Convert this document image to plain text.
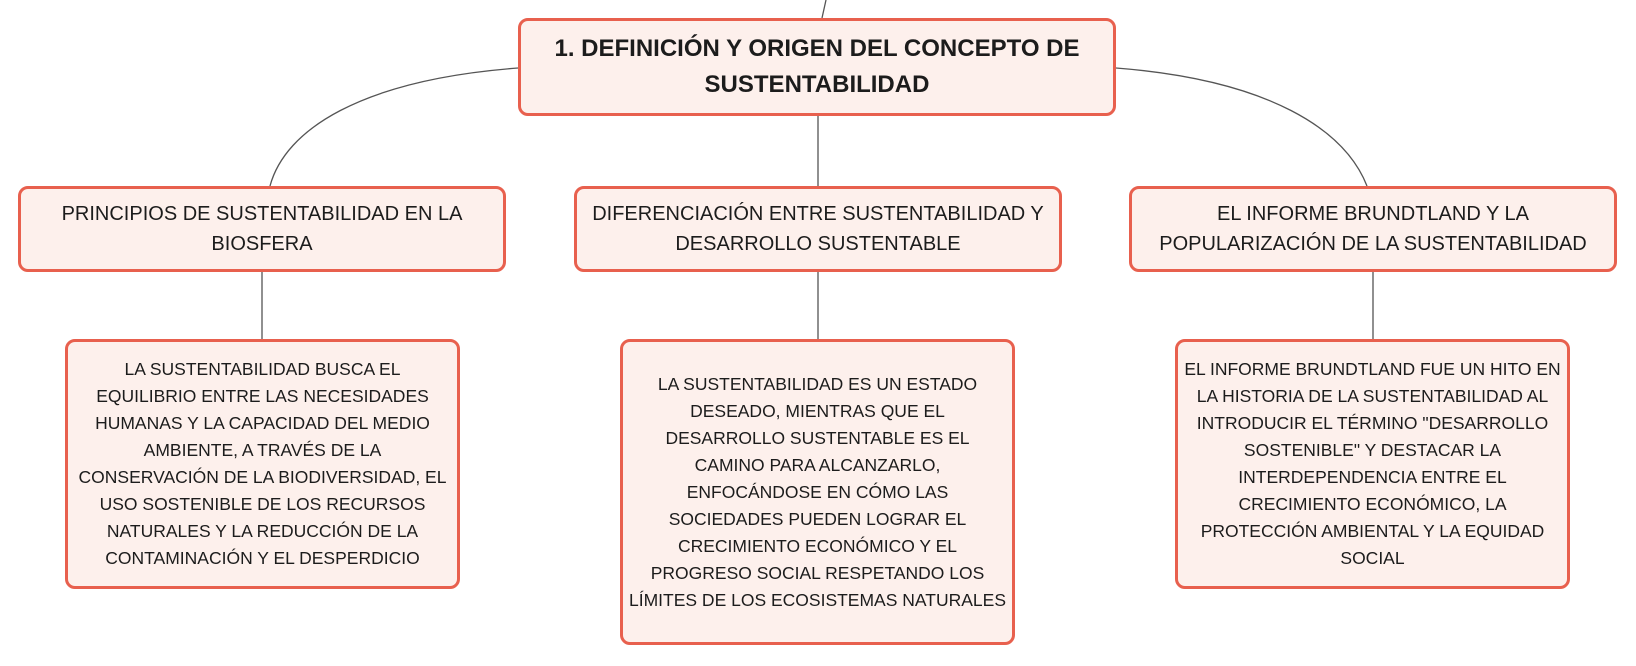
1. DEFINICIÓN Y ORIGEN DEL CONCEPTO DE SUSTENTABILIDAD
PRINCIPIOS DE SUSTENTABILIDAD EN LA BIOSFERA
DIFERENCIACIÓN ENTRE SUSTENTABILIDAD Y DESARROLLO SUSTENTABLE
EL INFORME BRUNDTLAND Y LA POPULARIZACIÓN DE LA SUSTENTABILIDAD
LA SUSTENTABILIDAD BUSCA EL EQUILIBRIO ENTRE LAS NECESIDADES HUMANAS Y LA CAPACIDAD DEL MEDIO AMBIENTE, A TRAVÉS DE LA CONSERVACIÓN DE LA BIODIVERSIDAD, EL USO SOSTENIBLE DE LOS RECURSOS NATURALES Y LA REDUCCIÓN DE LA CONTAMINACIÓN Y EL DESPERDICIO
LA SUSTENTABILIDAD ES UN ESTADO DESEADO, MIENTRAS QUE EL DESARROLLO SUSTENTABLE ES EL CAMINO PARA ALCANZARLO, ENFOCÁNDOSE EN CÓMO LAS SOCIEDADES PUEDEN LOGRAR EL CRECIMIENTO ECONÓMICO Y EL PROGRESO SOCIAL RESPETANDO LOS LÍMITES DE LOS ECOSISTEMAS NATURALES
EL INFORME BRUNDTLAND FUE UN HITO EN LA HISTORIA DE LA SUSTENTABILIDAD AL INTRODUCIR EL TÉRMINO "DESARROLLO SOSTENIBLE" Y DESTACAR LA INTERDEPENDENCIA ENTRE EL CRECIMIENTO ECONÓMICO, LA PROTECCIÓN AMBIENTAL Y LA EQUIDAD SOCIAL
